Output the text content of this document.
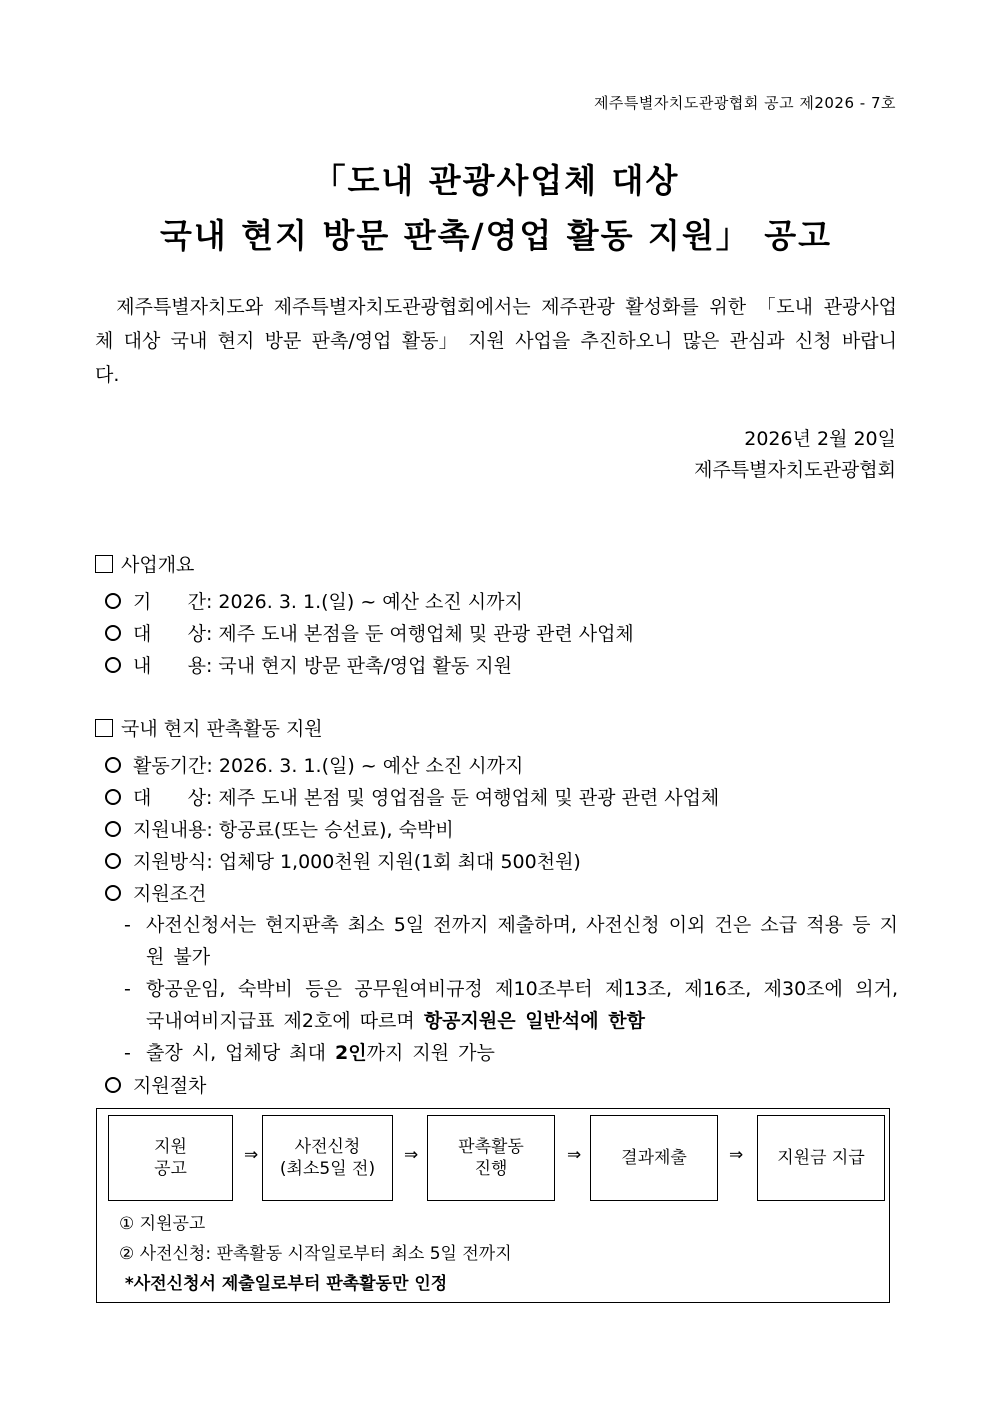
제주특별자치도관광협회 공고 제2026 - 7호
「도내 관광사업체 대상
국내 현지 방문 판촉/영업 활동 지원」 공고
제주특별자치도와 제주특별자치도관광협회에서는 제주관광 활성화를 위한 「도내 관광사업체 대상 국내 현지 방문 판촉/영업 활동」 지원 사업을 추진하오니 많은 관심과 신청 바랍니다.
2026년 2월 20일
제주특별자치도관광협회
사업개요
기      간: 2026. 3. 1.(일) ~ 예산 소진 시까지
대      상: 제주 도내 본점을 둔 여행업체 및 관광 관련 사업체
내      용: 국내 현지 방문 판촉/영업 활동 지원
국내 현지 판촉활동 지원
활동기간: 2026. 3. 1.(일) ~ 예산 소진 시까지
대      상: 제주 도내 본점 및 영업점을 둔 여행업체 및 관광 관련 사업체
지원내용: 항공료(또는 승선료), 숙박비
지원방식: 업체당 1,000천원 지원(1회 최대 500천원)
지원조건
- 사전신청서는 현지판촉 최소 5일 전까지 제출하며, 사전신청 이외 건은 소급 적용 등 지원 불가
- 항공운임, 숙박비 등은 공무원여비규정 제10조부터 제13조, 제16조, 제30조에 의거, 국내여비지급표 제2호에 따르며 항공지원은 일반석에 한함
- 출장 시, 업체당 최대 2인까지 지원 가능
지원절차
지원
공고
⇒	사전신청
(최소5일 전)
⇒	판촉활동
진행
⇒	결과제출	⇒	지원금 지급
① 지원공고
② 사전신청: 판촉활동 시작일로부터 최소 5일 전까지
*사전신청서 제출일로부터 판촉활동만 인정
